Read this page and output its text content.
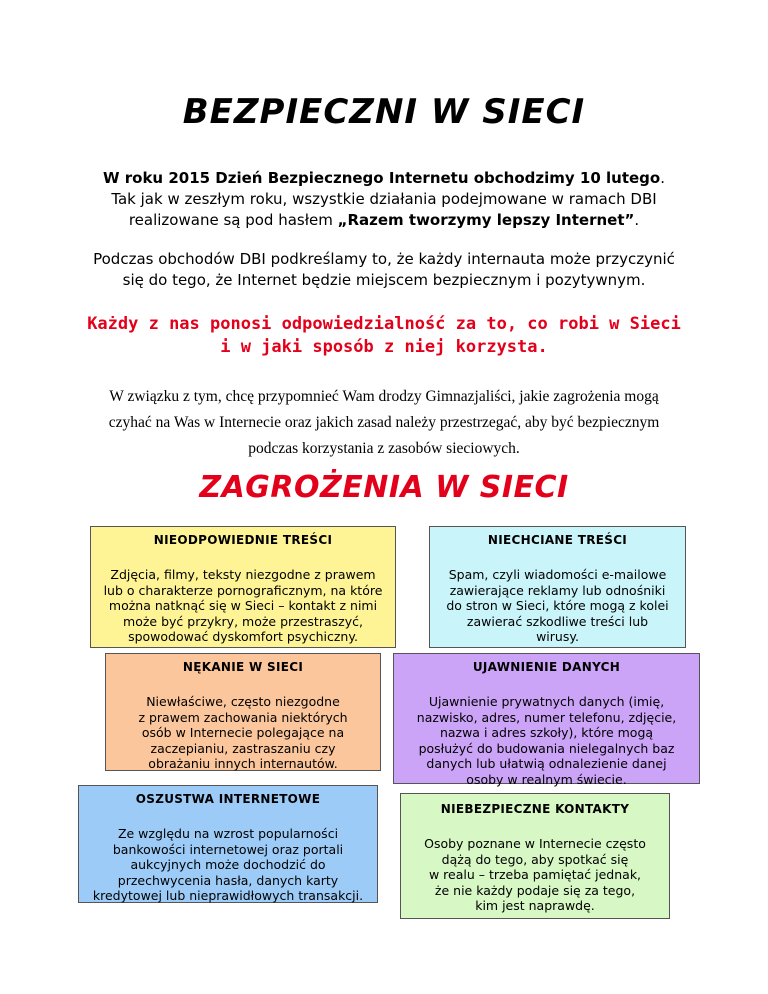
BEZPIECZNI W SIECI
W roku 2015 Dzień Bezpiecznego Internetu obchodzimy 10 lutego.
Tak jak w zeszłym roku, wszystkie działania podejmowane w ramach DBI
realizowane są pod hasłem „Razem tworzymy lepszy Internet”.
Podczas obchodów DBI podkreślamy to, że każdy internauta może przyczynić
się do tego, że Internet będzie miejscem bezpiecznym i pozytywnym.
Każdy z nas ponosi odpowiedzialność za to, co robi w Sieci
i w jaki sposób z niej korzysta.
W związku z tym, chcę przypomnieć Wam drodzy Gimnazjaliści, jakie zagrożenia mogą
czyhać na Was w Internecie oraz jakich zasad należy przestrzegać, aby być bezpiecznym
podczas korzystania z zasobów sieciowych.
ZAGROŻENIA W SIECI
NIEODPOWIEDNIE TREŚCI
Zdjęcia, filmy, teksty niezgodne z prawem
lub o charakterze pornograficznym, na które
można natknąć się w Sieci – kontakt z nimi
może być przykry, może przestraszyć,
spowodować dyskomfort psychiczny.
NIECHCIANE TREŚCI
Spam, czyli wiadomości e-mailowe
zawierające reklamy lub odnośniki
do stron w Sieci, które mogą z kolei
zawierać szkodliwe treści lub
wirusy.
NĘKANIE W SIECI
Niewłaściwe, często niezgodne
z prawem zachowania niektórych
osób w Internecie polegające na
zaczepianiu, zastraszaniu czy
obrażaniu innych internautów.
UJAWNIENIE DANYCH
Ujawnienie prywatnych danych (imię,
nazwisko, adres, numer telefonu, zdjęcie,
nazwa i adres szkoły), które mogą
posłużyć do budowania nielegalnych baz
danych lub ułatwią odnalezienie danej
osoby w realnym świecie.
OSZUSTWA INTERNETOWE
Ze względu na wzrost popularności
bankowości internetowej oraz portali
aukcyjnych może dochodzić do
przechwycenia hasła, danych karty
kredytowej lub nieprawidłowych transakcji.
NIEBEZPIECZNE KONTAKTY
Osoby poznane w Internecie często
dążą do tego, aby spotkać się
w realu – trzeba pamiętać jednak,
że nie każdy podaje się za tego,
kim jest naprawdę.
